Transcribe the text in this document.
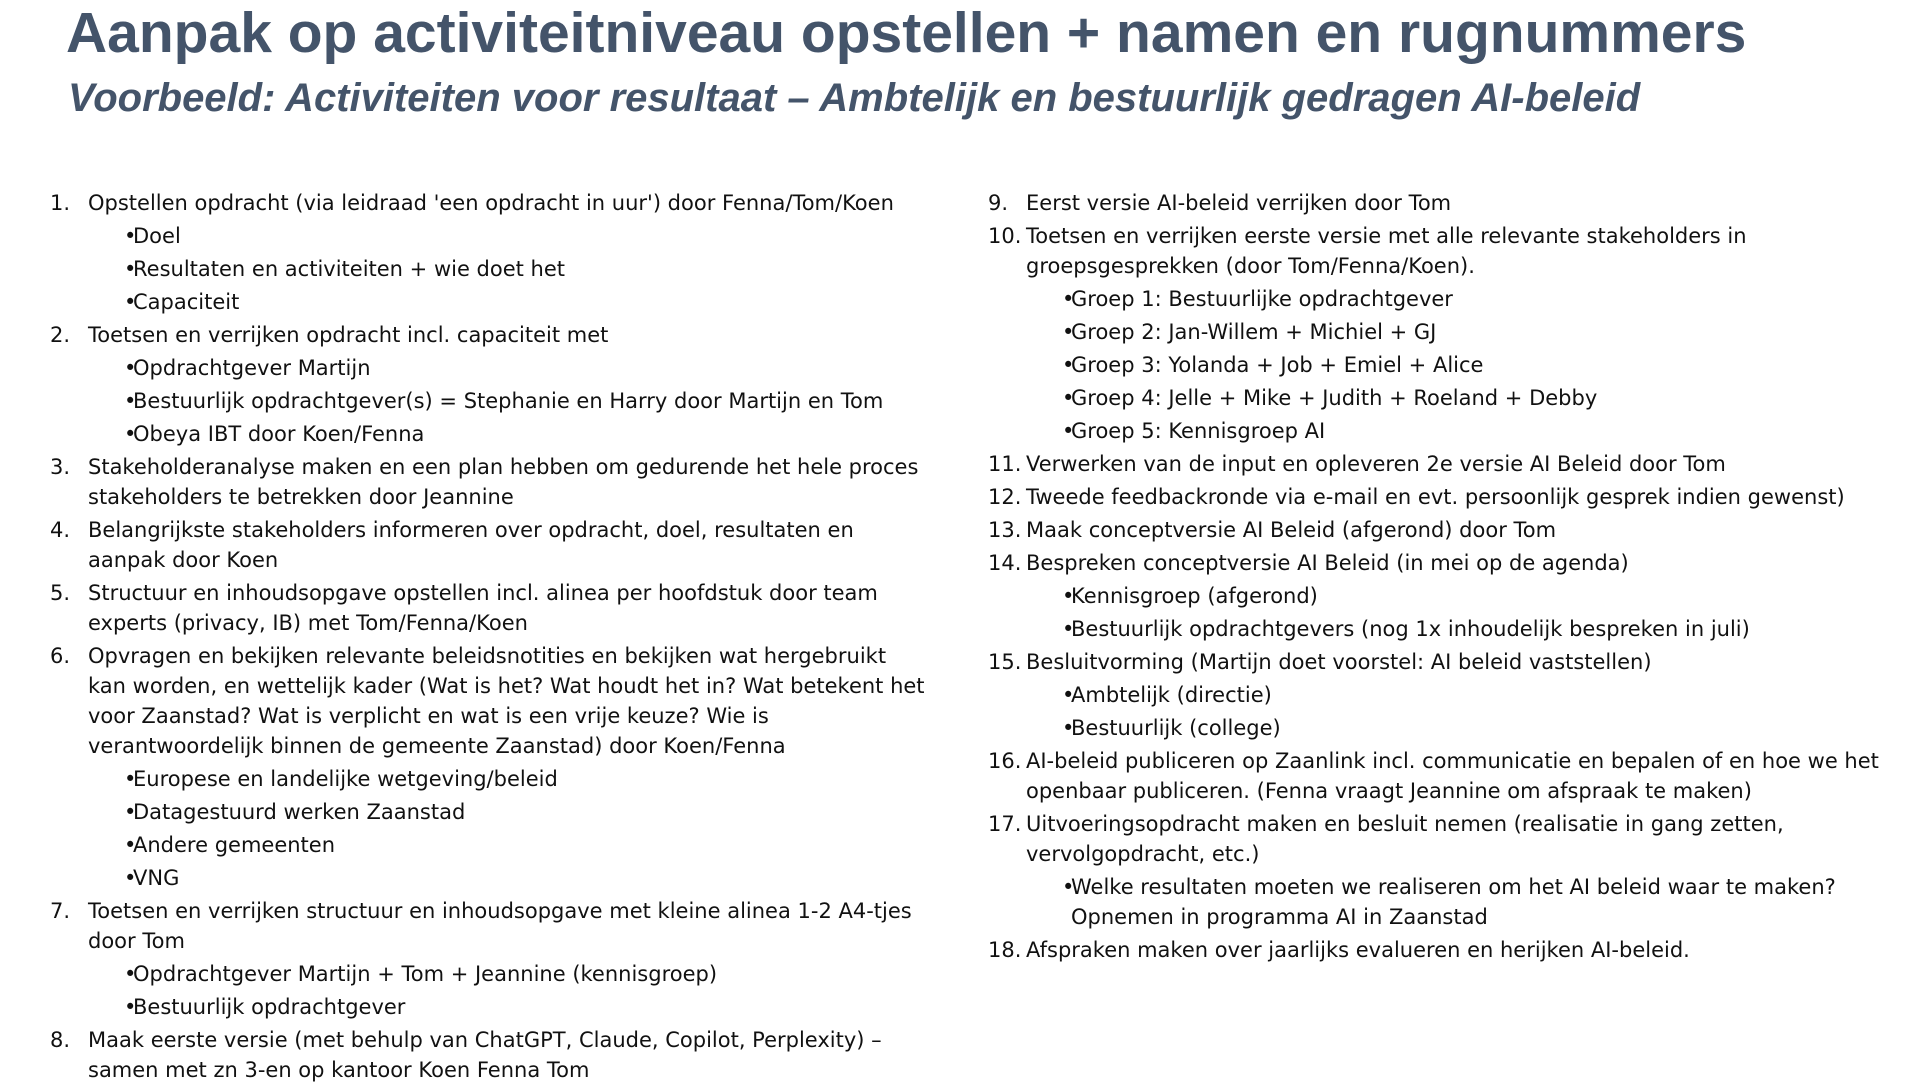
Aanpak op activiteitniveau opstellen + namen en rugnummers
Voorbeeld: Activiteiten voor resultaat – Ambtelijk en bestuurlijk gedragen AI-beleid
1. Opstellen opdracht (via leidraad 'een opdracht in uur') door Fenna/Tom/Koen
•
Doel
•
Resultaten en activiteiten + wie doet het
•
Capaciteit
2. Toetsen en verrijken opdracht incl. capaciteit met
•
Opdrachtgever Martijn
•
Bestuurlijk opdrachtgever(s) = Stephanie en Harry door Martijn en Tom
•
Obeya IBT door Koen/Fenna
3. Stakeholderanalyse maken en een plan hebben om gedurende het hele proces stakeholders te betrekken door Jeannine
4. Belangrijkste stakeholders informeren over opdracht, doel, resultaten en aanpak door Koen
5. Structuur en inhoudsopgave opstellen incl. alinea per hoofdstuk door team experts (privacy, IB) met Tom/Fenna/Koen
6. Opvragen en bekijken relevante beleidsnotities en bekijken wat hergebruikt kan worden, en wettelijk kader (Wat is het? Wat houdt het in? Wat betekent het voor Zaanstad? Wat is verplicht en wat is een vrije keuze? Wie is verantwoordelijk binnen de gemeente Zaanstad) door Koen/Fenna
•
Europese en landelijke wetgeving/beleid
•
Datagestuurd werken Zaanstad
•
Andere gemeenten
•
VNG
7. Toetsen en verrijken structuur en inhoudsopgave met kleine alinea 1-2 A4-tjes door Tom
•
Opdrachtgever Martijn + Tom + Jeannine (kennisgroep)
•
Bestuurlijk opdrachtgever
8. Maak eerste versie (met behulp van ChatGPT, Claude, Copilot, Perplexity) – samen met zn 3-en op kantoor Koen Fenna Tom
9. Eerst versie AI-beleid verrijken door Tom
10. Toetsen en verrijken eerste versie met alle relevante stakeholders in groepsgesprekken (door Tom/Fenna/Koen).
•
Groep 1: Bestuurlijke opdrachtgever
•
Groep 2: Jan-Willem + Michiel + GJ
•
Groep 3: Yolanda + Job + Emiel + Alice
•
Groep 4: Jelle + Mike + Judith + Roeland + Debby
•
Groep 5: Kennisgroep AI
11. Verwerken van de input en opleveren 2e versie AI Beleid door Tom
12. Tweede feedbackronde via e-mail en evt. persoonlijk gesprek indien gewenst)
13. Maak conceptversie AI Beleid (afgerond) door Tom
14. Bespreken conceptversie AI Beleid (in mei op de agenda)
•
Kennisgroep (afgerond)
•
Bestuurlijk opdrachtgevers (nog 1x inhoudelijk bespreken in juli)
15. Besluitvorming (Martijn doet voorstel: AI beleid vaststellen)
•
Ambtelijk (directie)
•
Bestuurlijk (college)
16. AI-beleid publiceren op Zaanlink incl. communicatie en bepalen of en hoe we het openbaar publiceren. (Fenna vraagt Jeannine om afspraak te maken)
17. Uitvoeringsopdracht maken en besluit nemen (realisatie in gang zetten, vervolgopdracht, etc.)
•
Welke resultaten moeten we realiseren om het AI beleid waar te maken? Opnemen in programma AI in Zaanstad
18. Afspraken maken over jaarlijks evalueren en herijken AI-beleid.
